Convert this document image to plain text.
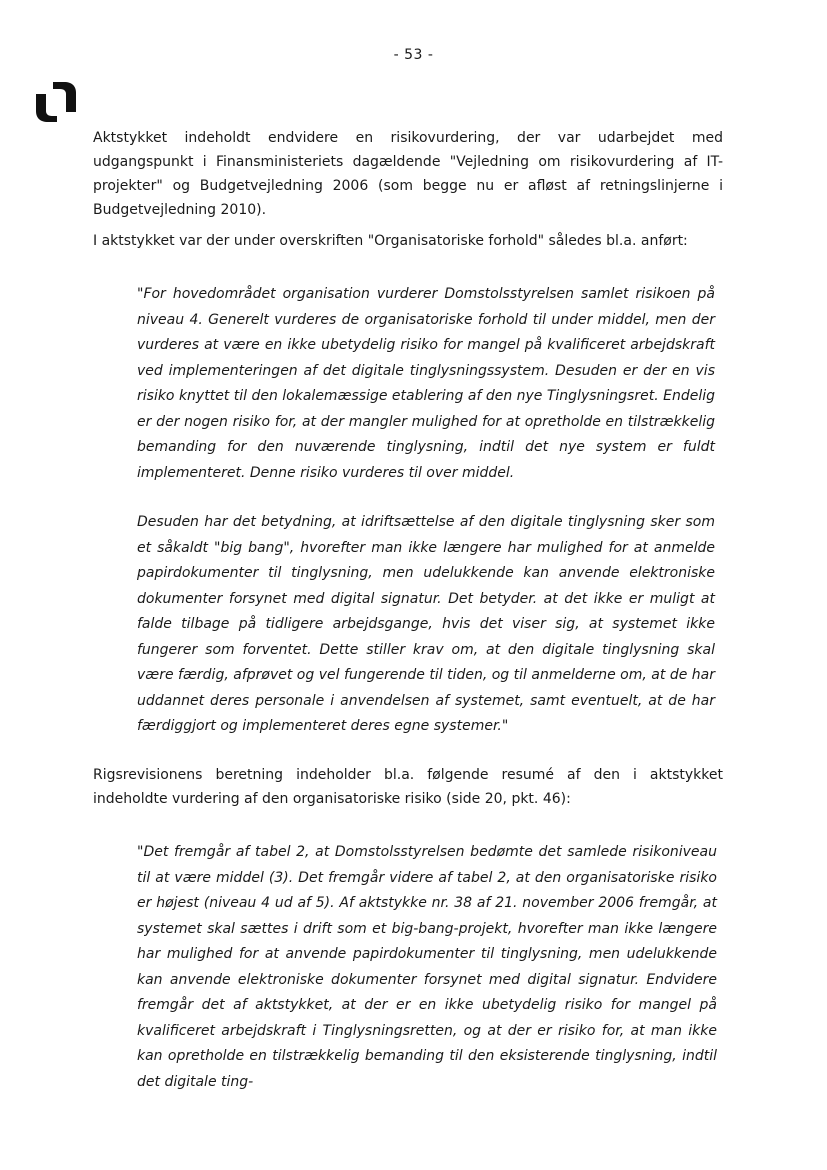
- 53 -

Aktstykket indeholdt endvidere en risikovurdering, der var udarbejdet med udgangspunkt i Finansministeriets dagældende "Vejledning om risikovurdering af IT-projekter" og Budgetvejledning 2006 (som begge nu er afløst af retningslinjerne i Budgetvejledning 2010).

I aktstykket var der under overskriften "Organisatoriske forhold" således bl.a. anført:

"For hovedområdet organisation vurderer Domstolsstyrelsen samlet risikoen på niveau 4. Generelt vurderes de organisatoriske forhold til under middel, men der vurderes at være en ikke ubetydelig risiko for mangel på kvalificeret arbejdskraft ved implementeringen af det digitale tinglysningssystem. Desuden er der en vis risiko knyttet til den lokalemæssige etablering af den nye Tinglysningsret. Endelig er der nogen risiko for, at der mangler mulighed for at opretholde en tilstrækkelig bemanding for den nuværende tinglysning, indtil det nye system er fuldt implementeret. Denne risiko vurderes til over middel.

Desuden har det betydning, at idriftsættelse af den digitale tinglysning sker som et såkaldt "big bang", hvorefter man ikke længere har mulighed for at anmelde papirdokumenter til tinglysning, men udelukkende kan anvende elektroniske dokumenter forsynet med digital signatur. Det betyder. at det ikke er muligt at falde tilbage på tidligere arbejdsgange, hvis det viser sig, at systemet ikke fungerer som forventet. Dette stiller krav om, at den digitale tinglysning skal være færdig, afprøvet og vel fungerende til tiden, og til anmelderne om, at de har uddannet deres personale i anvendelsen af systemet, samt eventuelt, at de har færdiggjort og implementeret deres egne systemer."

Rigsrevisionens beretning indeholder bl.a. følgende resumé af den i aktstykket indeholdte vurdering af den organisatoriske risiko (side 20, pkt. 46):

"Det fremgår af tabel 2, at Domstolsstyrelsen bedømte det samlede risikoniveau til at være middel (3). Det fremgår videre af tabel 2, at den organisatoriske risiko er højest (niveau 4 ud af 5). Af aktstykke nr. 38 af 21. november 2006 fremgår, at systemet skal sættes i drift som et big-bang-projekt, hvorefter man ikke længere har mulighed for at anvende papirdokumenter til tinglysning, men udelukkende kan anvende elektroniske dokumenter forsynet med digital signatur. Endvidere fremgår det af aktstykket, at der er en ikke ubetydelig risiko for mangel på kvalificeret arbejdskraft i Tinglysningsretten, og at der er risiko for, at man ikke kan opretholde en tilstrækkelig bemanding til den eksisterende tinglysning, indtil det digitale ting-
